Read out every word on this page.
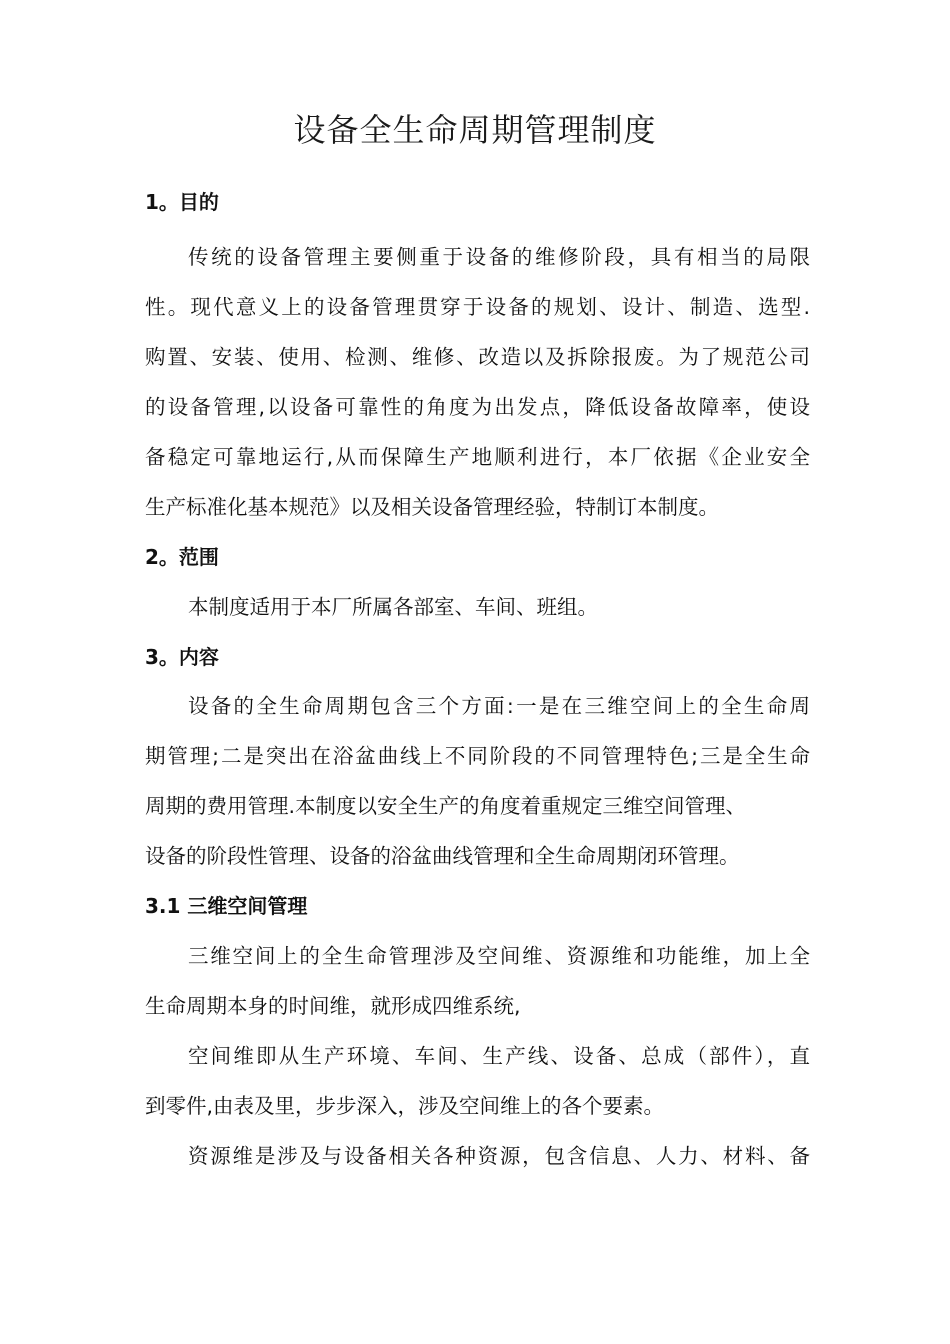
设备全生命周期管理制度
1。目的
传统的设备管理主要侧重于设备的维修阶段，具有相当的局限
性。现代意义上的设备管理贯穿于设备的规划、设计、制造、选型.
购置、安装、使用、检测、维修、改造以及拆除报废。为了规范公司
的设备管理,以设备可靠性的角度为出发点，降低设备故障率，使设
备稳定可靠地运行,从而保障生产地顺利进行，本厂依据《企业安全
生产标准化基本规范》以及相关设备管理经验，特制订本制度。
2。范围
本制度适用于本厂所属各部室、车间、班组。
3。内容
设备的全生命周期包含三个方面:一是在三维空间上的全生命周
期管理;二是突出在浴盆曲线上不同阶段的不同管理特色;三是全生命
周期的费用管理.本制度以安全生产的角度着重规定三维空间管理、
设备的阶段性管理、设备的浴盆曲线管理和全生命周期闭环管理。
3.1 三维空间管理
三维空间上的全生命管理涉及空间维、资源维和功能维，加上全
生命周期本身的时间维，就形成四维系统,
空间维即从生产环境、车间、生产线、设备、总成（部件），直
到零件,由表及里，步步深入，涉及空间维上的各个要素。
资源维是涉及与设备相关各种资源，包含信息、人力、材料、备
